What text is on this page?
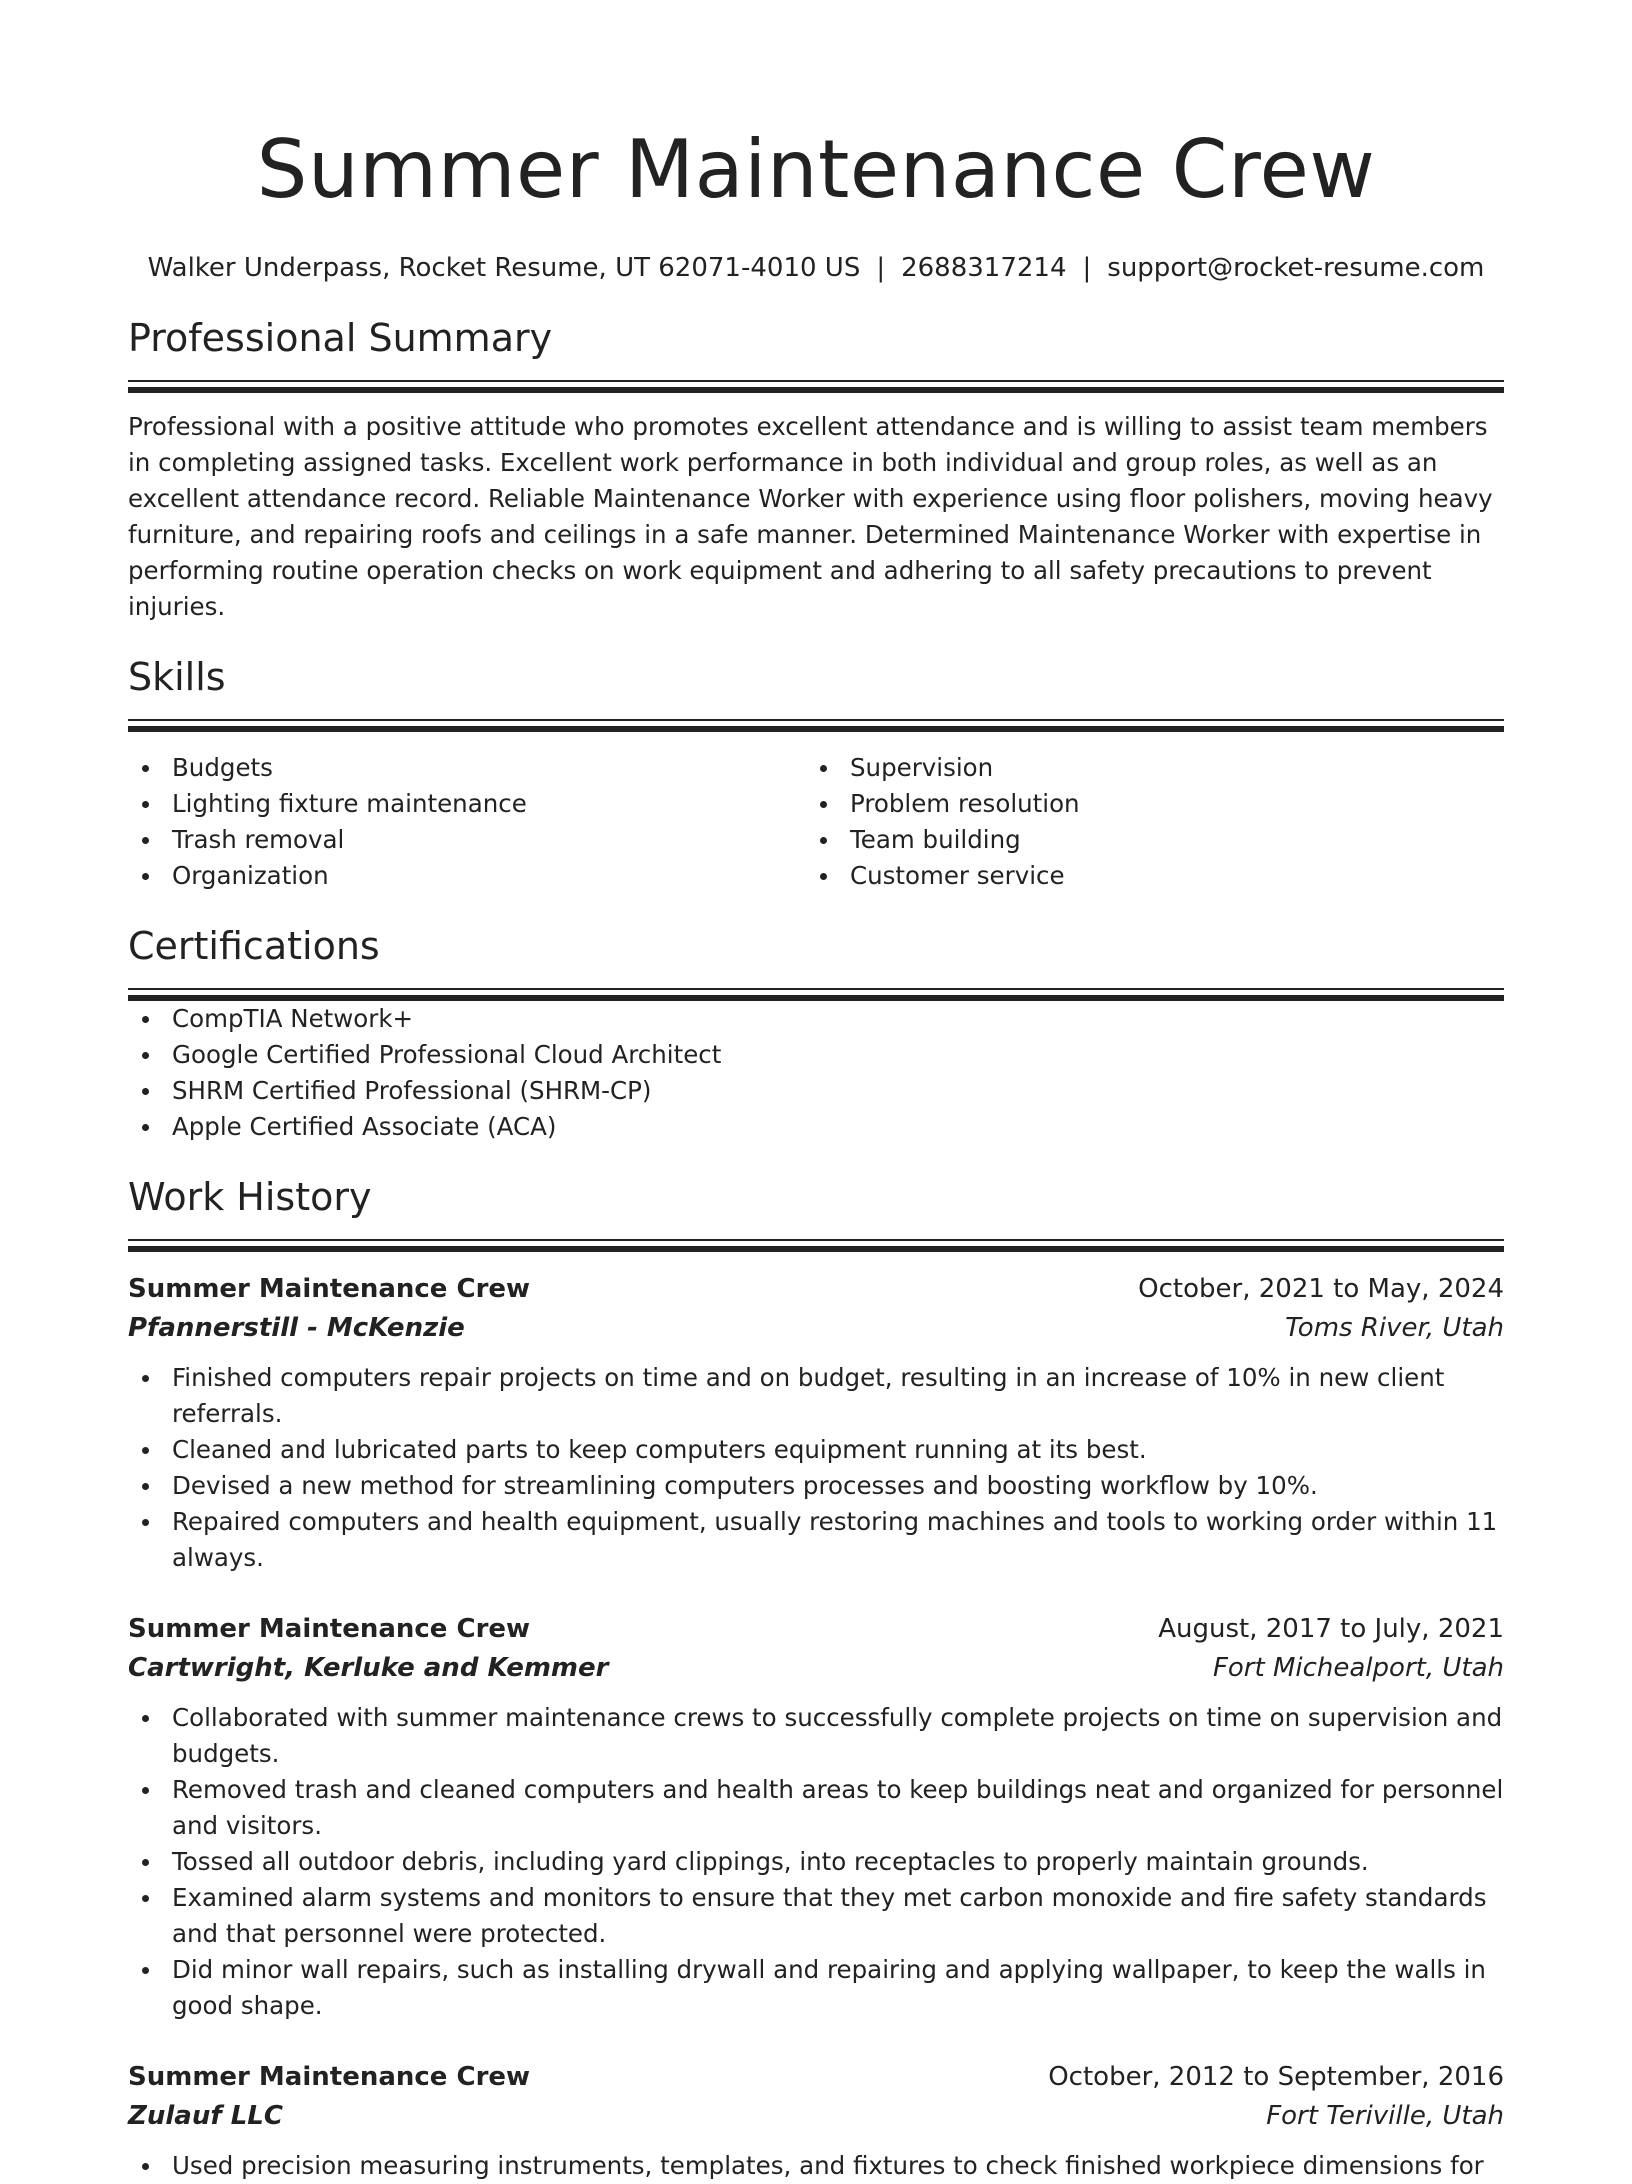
Summer Maintenance Crew
Walker Underpass, Rocket Resume, UT 62071-4010 US | 2688317214 | support@rocket-resume.com
Professional Summary
Professional with a positive attitude who promotes excellent attendance and is willing to assist team members in completing assigned tasks. Excellent work performance in both individual and group roles, as well as an excellent attendance record. Reliable Maintenance Worker with experience using floor polishers, moving heavy furniture, and repairing roofs and ceilings in a safe manner. Determined Maintenance Worker with expertise in performing routine operation checks on work equipment and adhering to all safety precautions to prevent injuries.
Skills
Budgets
Lighting fixture maintenance
Trash removal
Organization
Supervision
Problem resolution
Team building
Customer service
Certifications
CompTIA Network+
Google Certified Professional Cloud Architect
SHRM Certified Professional (SHRM-CP)
Apple Certified Associate (ACA)
Work History
Summer Maintenance Crew	October, 2021 to May, 2024
Pfannerstill - McKenzie	Toms River, Utah
Finished computers repair projects on time and on budget, resulting in an increase of 10% in new client referrals.
Cleaned and lubricated parts to keep computers equipment running at its best.
Devised a new method for streamlining computers processes and boosting workflow by 10%.
Repaired computers and health equipment, usually restoring machines and tools to working order within 11 always.
Summer Maintenance Crew	August, 2017 to July, 2021
Cartwright, Kerluke and Kemmer	Fort Michealport, Utah
Collaborated with summer maintenance crews to successfully complete projects on time on supervision and budgets.
Removed trash and cleaned computers and health areas to keep buildings neat and organized for personnel and visitors.
Tossed all outdoor debris, including yard clippings, into receptacles to properly maintain grounds.
Examined alarm systems and monitors to ensure that they met carbon monoxide and fire safety standards and that personnel were protected.
Did minor wall repairs, such as installing drywall and repairing and applying wallpaper, to keep the walls in good shape.
Summer Maintenance Crew	October, 2012 to September, 2016
Zulauf LLC	Fort Teriville, Utah
Used precision measuring instruments, templates, and fixtures to check finished workpiece dimensions for
